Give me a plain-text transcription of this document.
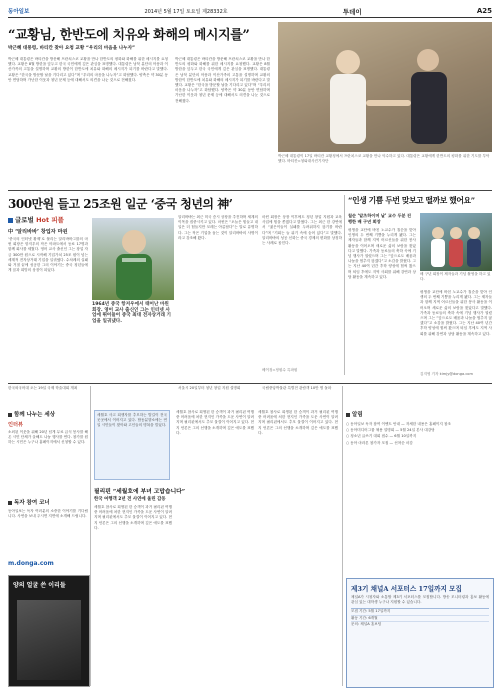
동아일보	2014년 5월 17일 토요일 제28332호	투데이	A25
“교황님, 한반도에 치유와 화해의 메시지를”
박근혜 대통령, 바티칸 찾아 요청 교황 “우리의 마음을 나누자”
박근혜 대통령은 바티칸을 방문해 프란치스코 교황을 만나 한반도의 평화와 화해를 위한 메시지를 요청했다. 교황은 8월 방한을 앞두고 한국 국민에게 깊은 관심을 표명했다. 대통령은 남북 분단의 아픔과 이산가족의 고통을 설명하며 교황의 방한이 한반도에 치유와 화해의 메시지가 되기를 바란다고 말했다. 교황은 “한국을 방문할 날을 기다리고 있다”며 “우리의 마음을 나누자”고 화답했다. 양측은 약 30분 동안 면담하며 가난한 이웃과 청년 문제 등에 대해서도 의견을 나눈 것으로 전해졌다.
박근혜 대통령은 바티칸을 방문해 프란치스코 교황을 만나 한반도의 평화와 화해를 위한 메시지를 요청했다. 교황은 8월 방한을 앞두고 한국 국민에게 깊은 관심을 표명했다. 대통령은 남북 분단의 아픔과 이산가족의 고통을 설명하며 교황의 방한이 한반도에 치유와 화해의 메시지가 되기를 바란다고 말했다. 교황은 “한국을 방문할 날을 기다리고 있다”며 “우리의 마음을 나누자”고 화답했다. 양측은 약 30분 동안 면담하며 가난한 이웃과 청년 문제 등에 대해서도 의견을 나눈 것으로 전해졌다.
박근혜 대통령이 17일 바티칸 교황청에서 프란치스코 교황을 만나 악수하고 있다. 대통령은 교황에게 한반도의 평화를 위한 기도를 부탁했다. 바티칸=청와대사진기자단
300만원 들고 25조원 일군 ‘중국 청년의 神’
글로벌 Hot 피플
中 ‘알리바바’ 창업자 마윈
‘중국의 인터넷 황제’로 불리는 알리바바그룹의 마윈 회장은 항저우의 작은 아파트에서 동료 17명과 함께 회사를 세웠다. 영어 교사 출신인 그는 창업 자금 300만 원으로 시작해 기업가치 25조 원이 넘는 세계적 전자상거래 기업을 일궈냈다. 수차례의 실패와 거절 끝에 성공한 그의 이야기는 중국 청년들에게 꿈과 희망의 상징이 되었다.
1964년 중국 항저우에서 태어난 마윈 회장. 영어 교사 출신인 그는 인터넷 사업에 뛰어들어 중국 최대 전자상거래 기업을 일궈냈다.
알리바바는 최근 미국 증시 상장을 추진하며 세계의 이목을 집중시키고 있다. 마윈은 “오늘은 힘들고 내일은 더 힘들지만 모레는 아름답다”는 말로 유명하다. 그는 작은 기업을 돕는 것이 알리바바의 사명이라고 강조해 왔다.
마윈 회장은 상장 이후에도 청년 창업 지원과 교육 사업에 힘을 쏟겠다고 밝혔다. 그는 최근 한 강연에서 “젊은이들이 실패를 두려워하지 않기를 바란다”며 “기회는 늘 위기 속에 숨어 있다”고 말했다. 알리바바의 성공 신화는 중국 경제의 변화를 상징하는 사례로 꼽힌다.
베이징=정원수 특파원
“인생 기쁨 두번 맞보고 떨까보 했어요”
칠순 ‘알츠하이머 날’ 교수 두분 진행한 배 구년 회장
평생을 교단에 바친 노교수가 칠순을 맞아 인생의 두 번째 기쁨을 누리게 됐다. 그는 제자들과 함께 지역 어르신들을 위한 봉사 활동을 이어오며 새로운 삶의 보람을 찾았다고 말했다. 가족과 동료들의 축하 속에 기념 행사가 열렸으며 그는 “앞으로도 배움과 나눔을 멈추지 않겠다”고 소감을 밝혔다. 그는 지난 40여 년간 후학 양성에 힘써 왔으며 퇴임 후에도 지역 사회를 위해 강연과 상담 활동을 계속하고 있다.
배 구년 회장이 제자들과 기념 촬영을 하고 있다.
평생을 교단에 바친 노교수가 칠순을 맞아 인생의 두 번째 기쁨을 누리게 됐다. 그는 제자들과 함께 지역 어르신들을 위한 봉사 활동을 이어오며 새로운 삶의 보람을 찾았다고 말했다. 가족과 동료들의 축하 속에 기념 행사가 열렸으며 그는 “앞으로도 배움과 나눔을 멈추지 않겠다”고 소감을 밝혔다. 그는 지난 40여 년간 후학 양성에 힘써 왔으며 퇴임 후에도 지역 사회를 위해 강연과 상담 활동을 계속하고 있다.
김지영 기자 kimjy@donga.com
한국외국어대 오는 19일 국제 학술대회 개최	서울시 20일부터 청년 창업 지원 설명회	국립중앙박물관 특별전 관람객 10만 명 돌파
함께 나누는 세상
인터뷰
소외된 이웃을 위해 20년 넘게 무료 급식 봉사를 해 온 시민 단체가 올해도 나눔 행사를 연다. 참가를 원하는 시민은 누구나 홈페이지에서 신청할 수 있다.
독자 참여 코너
동아일보는 독자 여러분의 소중한 이야기를 기다립니다. 사연을 보내 주시면 지면에 소개해 드립니다.
m.donga.com
양의 얼굴 쓴 이리들
세월호 사고 희생자를 추모하는 발길이 전국 곳곳에서 이어지고 있다. 합동분향소에는 연일 시민들이 찾아와 고인들의 명복을 빌었다.
필리핀 “세월호에 부녀 고맙습니다”
한국 여행객 2년 전 사연에 울린 감동
세월호 참사로 희생된 한 승객이 과거 필리핀 여행 중 어려움에 처한 현지인 가족을 도운 사연이 알려지며 필리핀에서도 추모 물결이 이어지고 있다. 현지 언론은 그의 선행을 소개하며 깊은 애도를 표했다.
세월호 참사로 희생된 한 승객이 과거 필리핀 여행 중 어려움에 처한 현지인 가족을 도운 사연이 알려지며 필리핀에서도 추모 물결이 이어지고 있다. 현지 언론은 그의 선행을 소개하며 깊은 애도를 표했다.
세월호 참사로 희생된 한 승객이 과거 필리핀 여행 중 어려움에 처한 현지인 가족을 도운 사연이 알려지며 필리핀에서도 추모 물결이 이어지고 있다. 현지 언론은 그의 선행을 소개하며 깊은 애도를 표했다.
알림

○ 동아일보 독자 참여 이벤트 안내 — 자세한 내용은 홈페이지 참조

○ 동아미디어그룹 채용 설명회 — 5월 24일 본사 대강당

○ 청소년 글쓰기 대회 접수 — 6월 10일까지

○ 동아 마라톤 참가자 모집 — 선착순 마감

제3기 채널A 서포터스 17일까지 모집
채널A가 시청자와 소통할 제3기 서포터스를 모집합니다. 방송 모니터링과 홍보 활동에 관심 있는 대학생 누구나 지원할 수 있습니다.
모집 기간: 5월 17일까지
활동 기간: 6개월
문의: 채널A 홍보팀
